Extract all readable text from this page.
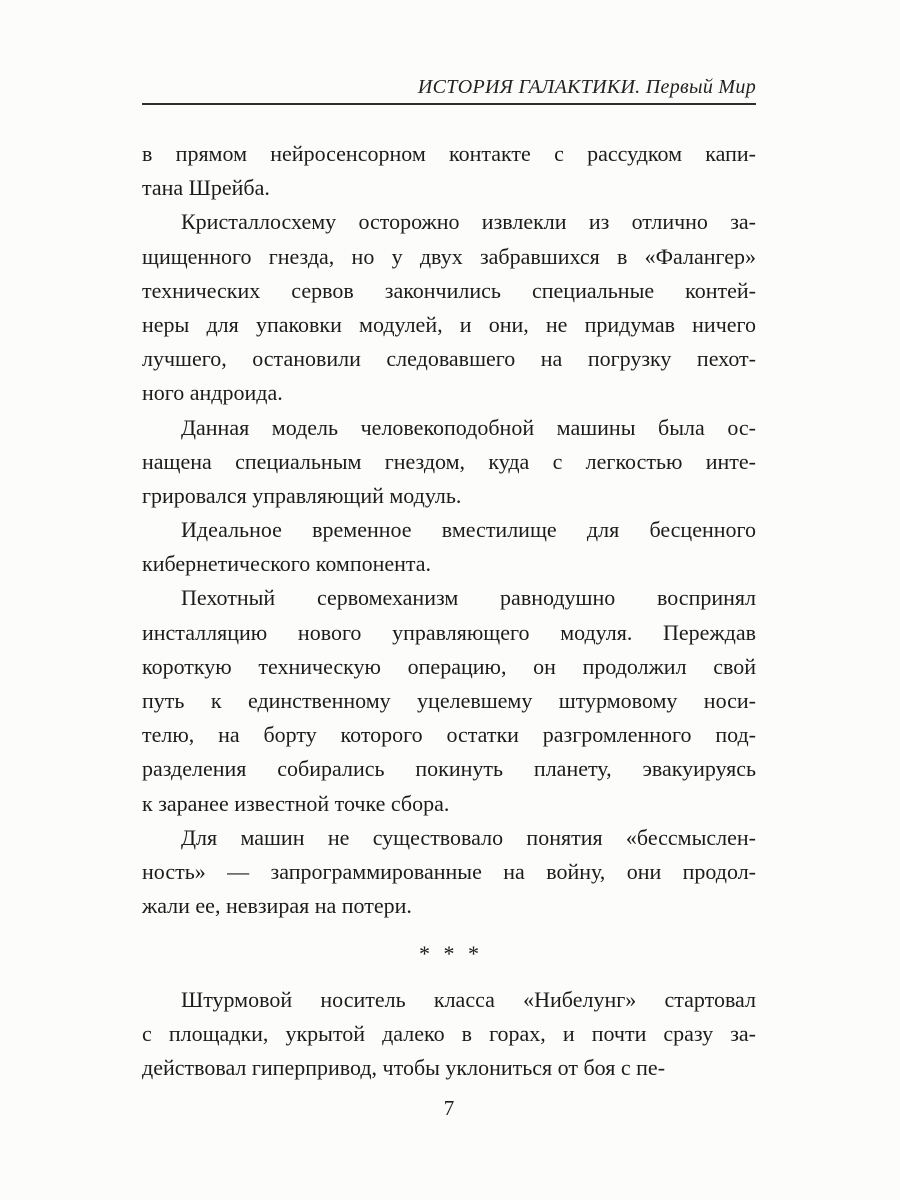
ИСТОРИЯ ГАЛАКТИКИ. Первый Мир
в прямом нейросенсорном контакте с рассудком капи-
тана Шрейба.
Кристаллосхему осторожно извлекли из отлично за-
щищенного гнезда, но у двух забравшихся в «Фалангер»
технических сервов закончились специальные контей-
неры для упаковки модулей, и они, не придумав ничего
лучшего, остановили следовавшего на погрузку пехот-
ного андроида.
Данная модель человекоподобной машины была ос-
нащена специальным гнездом, куда с легкостью инте-
грировался управляющий модуль.
Идеальное временное вместилище для бесценного
кибернетического компонента.
Пехотный сервомеханизм равнодушно воспринял
инсталляцию нового управляющего модуля. Переждав
короткую техническую операцию, он продолжил свой
путь к единственному уцелевшему штурмовому носи-
телю, на борту которого остатки разгромленного под-
разделения собирались покинуть планету, эвакуируясь
к заранее известной точке сбора.
Для машин не существовало понятия «бессмыслен-
ность» — запрограммированные на войну, они продол-
жали ее, невзирая на потери.
* * *
Штурмовой носитель класса «Нибелунг» стартовал
с площадки, укрытой далеко в горах, и почти сразу за-
действовал гиперпривод, чтобы уклониться от боя с пе-
7
